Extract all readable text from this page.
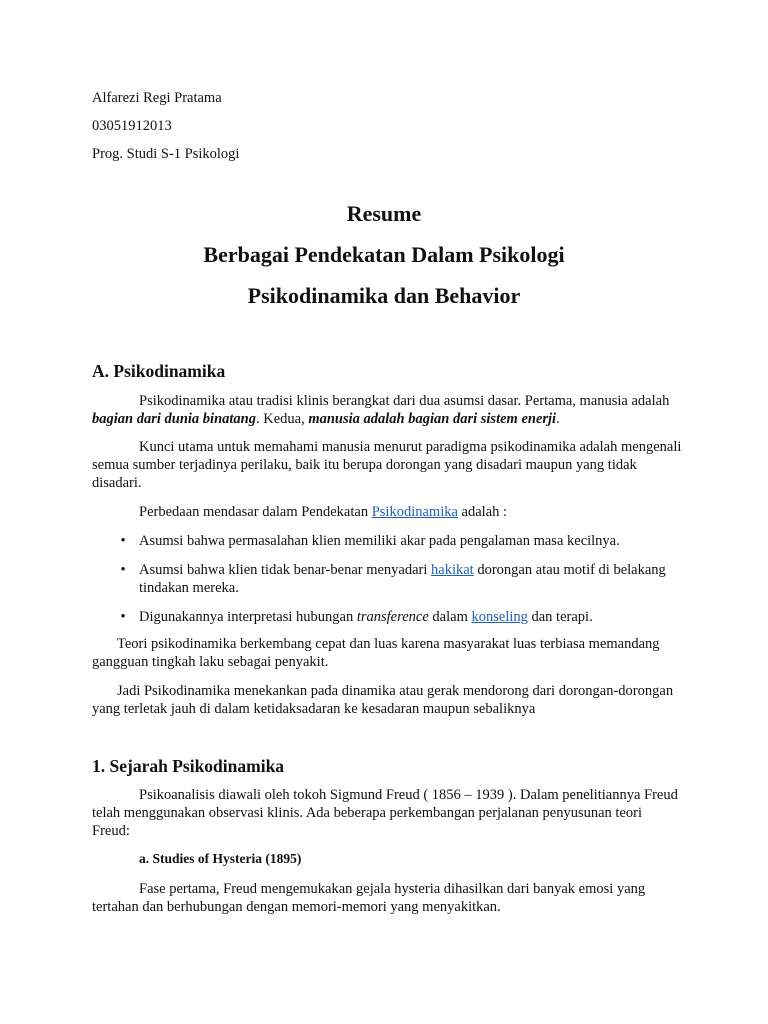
Alfarezi Regi Pratama
03051912013
Prog. Studi S-1 Psikologi
Resume
Berbagai Pendekatan Dalam Psikologi
Psikodinamika dan Behavior
A. Psikodinamika
Psikodinamika atau tradisi klinis berangkat dari dua asumsi dasar. Pertama, manusia adalah bagian dari dunia binatang. Kedua, manusia adalah bagian dari sistem enerji.
Kunci utama untuk memahami manusia menurut paradigma psikodinamika adalah mengenali semua sumber terjadinya perilaku, baik itu berupa dorongan yang disadari maupun yang tidak disadari.
Perbedaan mendasar dalam Pendekatan Psikodinamika adalah :
• Asumsi bahwa permasalahan klien memiliki akar pada pengalaman masa kecilnya.
• Asumsi bahwa klien tidak benar-benar menyadari hakikat dorongan atau motif di belakang tindakan mereka.
• Digunakannya interpretasi hubungan transference dalam konseling dan terapi.
Teori psikodinamika berkembang cepat dan luas karena masyarakat luas terbiasa memandang gangguan tingkah laku sebagai penyakit.
Jadi Psikodinamika menekankan pada dinamika atau gerak mendorong dari dorongan-dorongan yang terletak jauh di dalam ketidaksadaran ke kesadaran maupun sebaliknya
1. Sejarah Psikodinamika
Psikoanalisis diawali oleh tokoh Sigmund Freud ( 1856 – 1939 ). Dalam penelitiannya Freud telah menggunakan observasi klinis. Ada beberapa perkembangan perjalanan penyusunan teori Freud:
a. Studies of Hysteria (1895)
Fase pertama, Freud mengemukakan gejala hysteria dihasilkan dari banyak emosi yang tertahan dan berhubungan dengan memori-memori yang menyakitkan.
